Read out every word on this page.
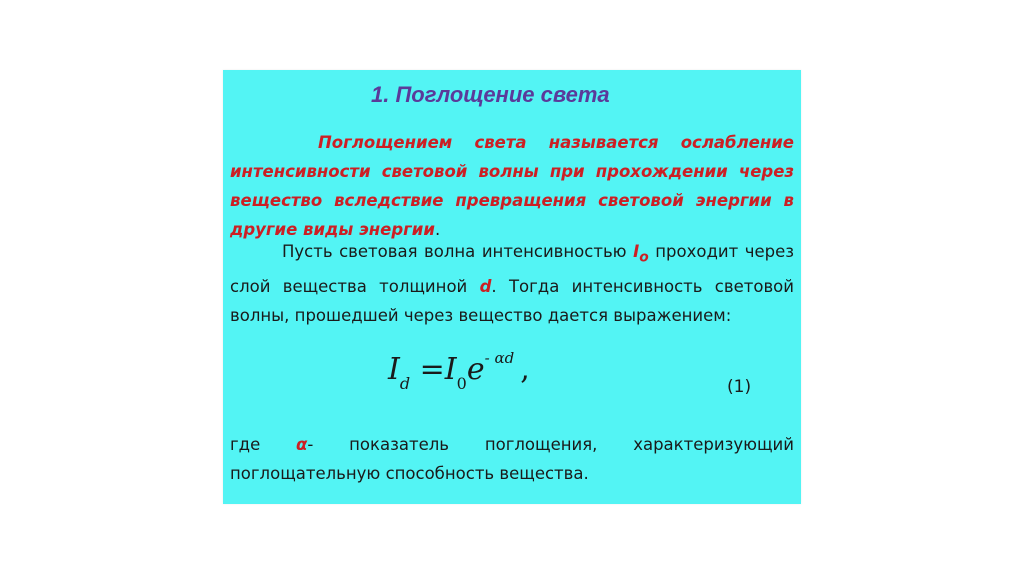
1. Поглощение света
Поглощением света называется ослабление интенсивности световой волны при прохождении через вещество вследствие превращения световой энергии в другие виды энергии.
Пусть световая волна интенсивностью $I_o$ проходит через слой вещества толщиной d. Тогда интенсивность световой волны, прошедшей через вещество дается выражением:
$I_d =I_0e^{- \alpha d}$ ,	(1)
где α- показатель поглощения, характеризующий поглощательную способность вещества.
